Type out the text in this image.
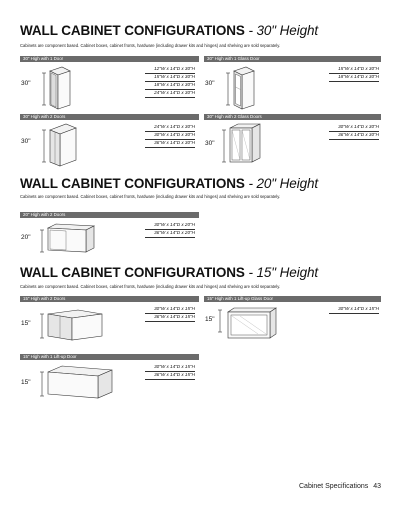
WALL CABINET CONFIGURATIONS - 30" Height
Cabinets are component based. Cabinet boxes, cabinet fronts, hardware (including drawer kits and hinges) and shelving are sold separately.
30" High with 1 Door
30"
12"W x 14"D x 30"H
15"W x 14"D x 30"H
18"W x 14"D x 30"H
24"W x 14"D x 30"H
30" High with 1 Glass Door
30"
15"W x 14"D x 30"H
18"W x 14"D x 30"H
30" High with 2 Doors
30"
24"W x 14"D x 30"H
30"W x 14"D x 30"H
36"W x 14"D x 30"H
30" High with 2 Glass Doors
30"
30"W x 14"D x 30"H
36"W x 14"D x 30"H
WALL CABINET CONFIGURATIONS - 20" Height
Cabinets are component based. Cabinet boxes, cabinet fronts, hardware (including drawer kits and hinges) and shelving are sold separately.
20" High with 2 Doors
20"
30"W x 14"D x 20"H
36"W x 14"D x 20"H
WALL CABINET CONFIGURATIONS - 15" Height
Cabinets are component based. Cabinet boxes, cabinet fronts, hardware (including drawer kits and hinges) and shelving are sold separately.
15" High with 2 Doors
15"
30"W x 14"D x 15"H
36"W x 14"D x 15"H
15" High with 1 Lift-up Glass Door
15"
30"W x 14"D x 15"H
15" High with 1 Lift-up Door
15"
30"W x 14"D x 15"H
36"W x 14"D x 15"H
Cabinet Specifications 43
